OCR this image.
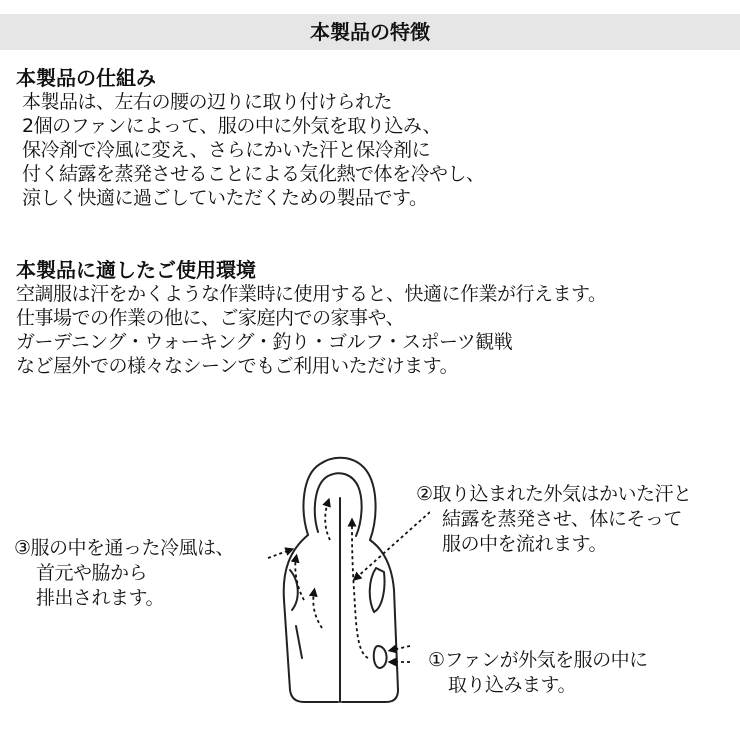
本製品の特徴
本製品の仕組み
本製品は、左右の腰の辺りに取り付けられた
2個のファンによって、服の中に外気を取り込み、
保冷剤で冷風に変え、さらにかいた汗と保冷剤に
付く結露を蒸発させることによる気化熱で体を冷やし、
涼しく快適に過ごしていただくための製品です。
本製品に適したご使用環境
空調服は汗をかくような作業時に使用すると、快適に作業が行えます。
仕事場での作業の他に、ご家庭内での家事や、
ガーデニング・ウォーキング・釣り・ゴルフ・スポーツ観戦
など屋外での様々なシーンでもご利用いただけます。
③服の中を通った冷風は、
首元や脇から
排出されます。
②取り込まれた外気はかいた汗と
結露を蒸発させ、体にそって
服の中を流れます。
①ファンが外気を服の中に
取り込みます。
